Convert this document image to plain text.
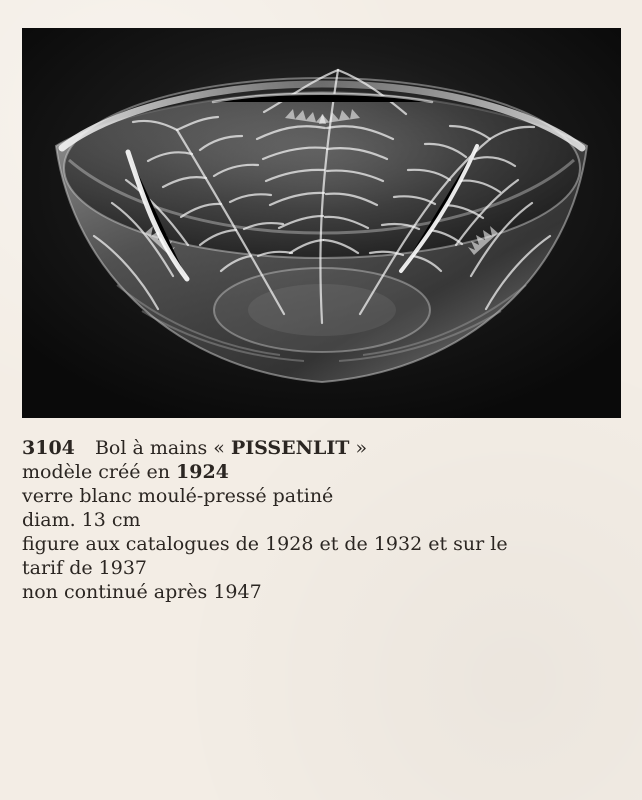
3104 Bol à mains « PISSENLIT »
modèle créé en 1924
verre blanc moulé-pressé patiné
diam. 13 cm
figure aux catalogues de 1928 et de 1932 et sur le
tarif de 1937
non continué après 1947
